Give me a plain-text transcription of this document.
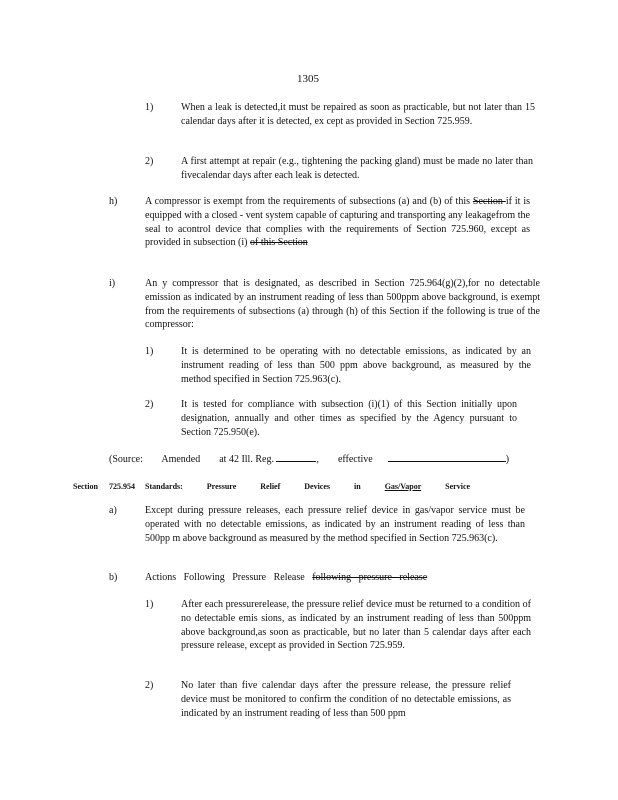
1305
1)	When a leak is detected,it must be repaired as soon as practicable, but not later than 15 calendar days after it is detected, ex cept as provided in Section 725.959.
2)	A first attempt at repair (e.g., tightening the packing gland) must be made no later than fivecalendar days after each leak is detected.
h)	A compressor is exempt from the requirements of subsections (a) and (b) of this Section if it is equipped with a closed - vent system capable of capturing and transporting any leakagefrom the seal to acontrol device that complies with the requirements of Section 725.960, except as provided in subsection (i) of this Section
i)	An y compressor that is designated, as described in Section 725.964(g)(2),for no detectable emission as indicated by an instrument reading of less than 500ppm above background, is exempt from the requirements of subsections (a) through (h) of this Section if the following is true of the compressor:
1)	It is determined to be operating with no detectable emissions, as indicated by an instrument reading of less than 500 ppm above background, as measured by the method specified in Section 725.963(c).
2)	It is tested for compliance with subsection (i)(1) of this Section initially upon designation, annually and other times as specified by the Agency pursuant to Section 725.950(e).
(Source: Amended at 42 Ill. Reg.	,  effective	)
Section 725.954 Standards: Pressure Relief Devices in	Gas/Vapor	Service
a)	Except during pressure releases, each pressure relief device in gas/vapor service must be operated with no detectable emissions, as indicated by an instrument reading of less than 500pp m above background as measured by the method specified in Section 725.963(c).
b)	Actions Following Pressure Release following pressure release
1)	After each pressurerelease, the pressure relief device must be returned to a condition of no detectable emis sions, as indicated by an instrument reading of less than 500ppm above background,as soon as practicable, but no later than 5 calendar days after each pressure release, except as provided in Section 725.959.
2)	No later than five calendar days after the pressure release, the pressure relief device must be monitored to confirm the condition of no detectable emissions, as indicated by an instrument reading of less than 500 ppm
